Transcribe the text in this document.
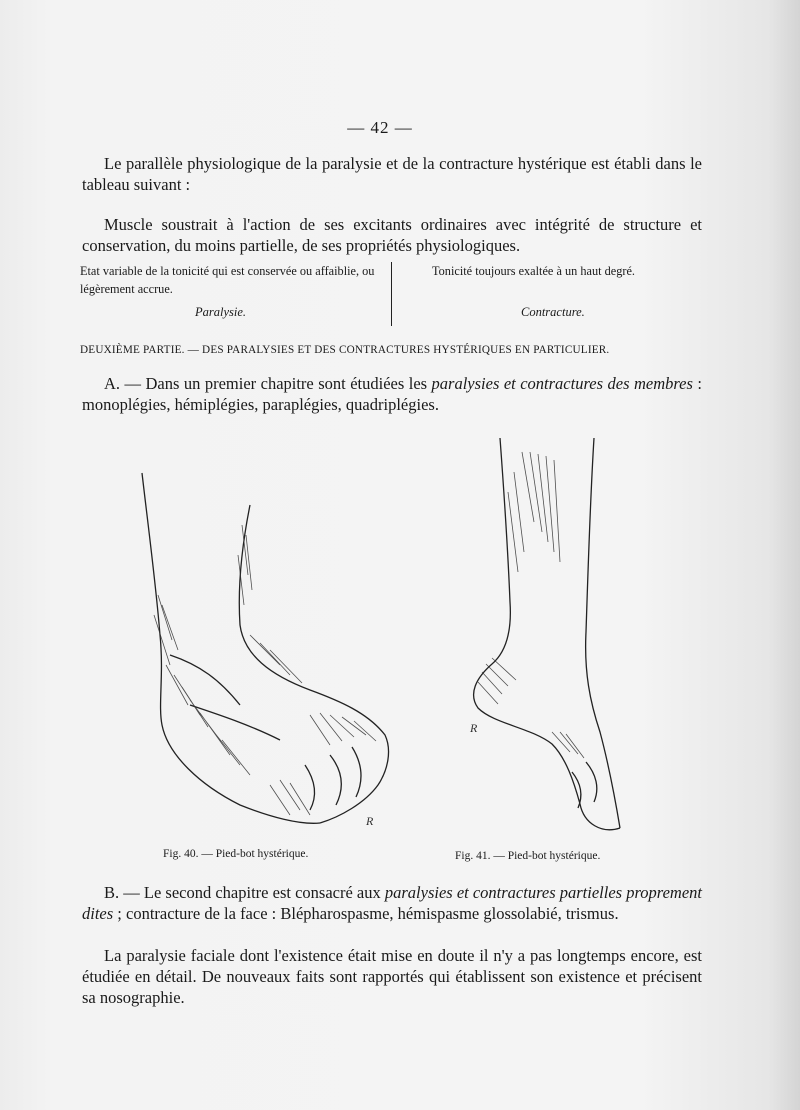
— 42 —
Le parallèle physiologique de la paralysie et de la contracture hystérique est établi dans le tableau suivant :
Muscle soustrait à l'action de ses excitants ordinaires avec intégrité de structure et conservation, du moins partielle, de ses propriétés physiologiques.
Etat variable de la tonicité qui est conservée ou affaiblie, ou légèrement accrue.
Paralysie.
Tonicité toujours exaltée à un haut degré.
Contracture.
DEUXIÈME PARTIE. — DES PARALYSIES ET DES CONTRACTURES HYSTÉRIQUES EN PARTICULIER.
A. — Dans un premier chapitre sont étudiées les paralysies et contractures des membres : monoplégies, hémiplégies, paraplégies, quadriplégies.
R
Fig. 40. — Pied-bot hystérique.
R
Fig. 41. — Pied-bot hystérique.
B. — Le second chapitre est consacré aux paralysies et contractures partielles proprement dites ; contracture de la face : Blépharospasme, hémispasme glossolabié, trismus.
La paralysie faciale dont l'existence était mise en doute il n'y a pas longtemps encore, est étudiée en détail. De nouveaux faits sont rapportés qui établissent son existence et précisent sa nosographie.
